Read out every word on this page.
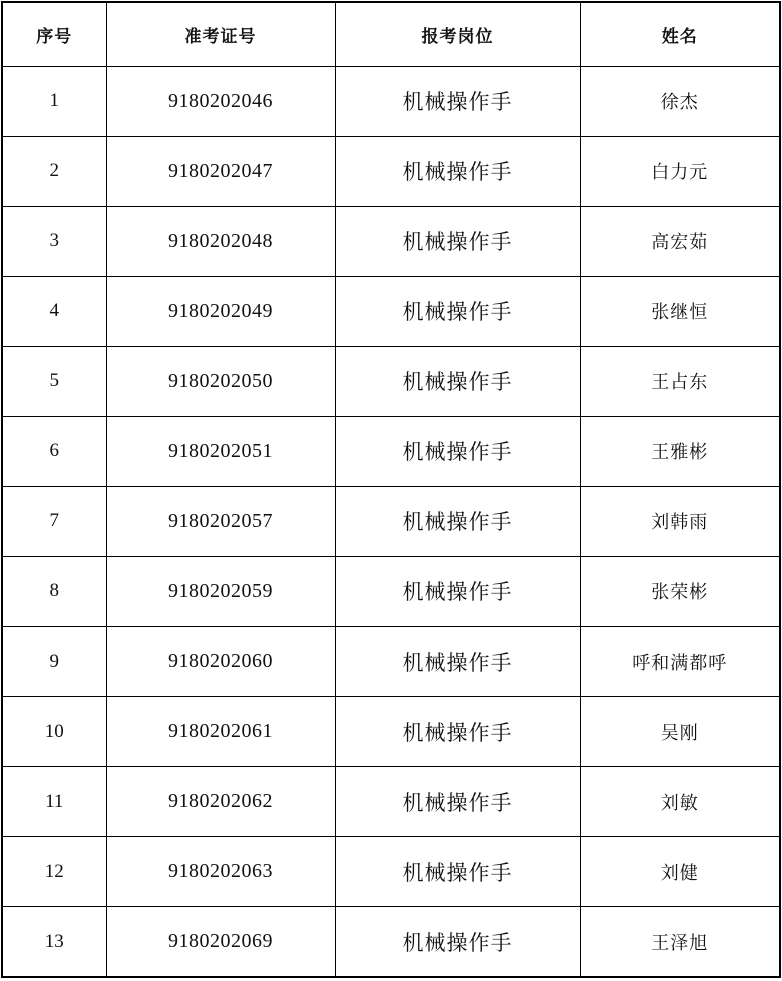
序号	准考证号	报考岗位	姓名
1	9180202046	机械操作手	徐杰
2	9180202047	机械操作手	白力元
3	9180202048	机械操作手	高宏茹
4	9180202049	机械操作手	张继恒
5	9180202050	机械操作手	王占东
6	9180202051	机械操作手	王雅彬
7	9180202057	机械操作手	刘韩雨
8	9180202059	机械操作手	张荣彬
9	9180202060	机械操作手	呼和满都呼
10	9180202061	机械操作手	吴刚
11	9180202062	机械操作手	刘敏
12	9180202063	机械操作手	刘健
13	9180202069	机械操作手	王泽旭
